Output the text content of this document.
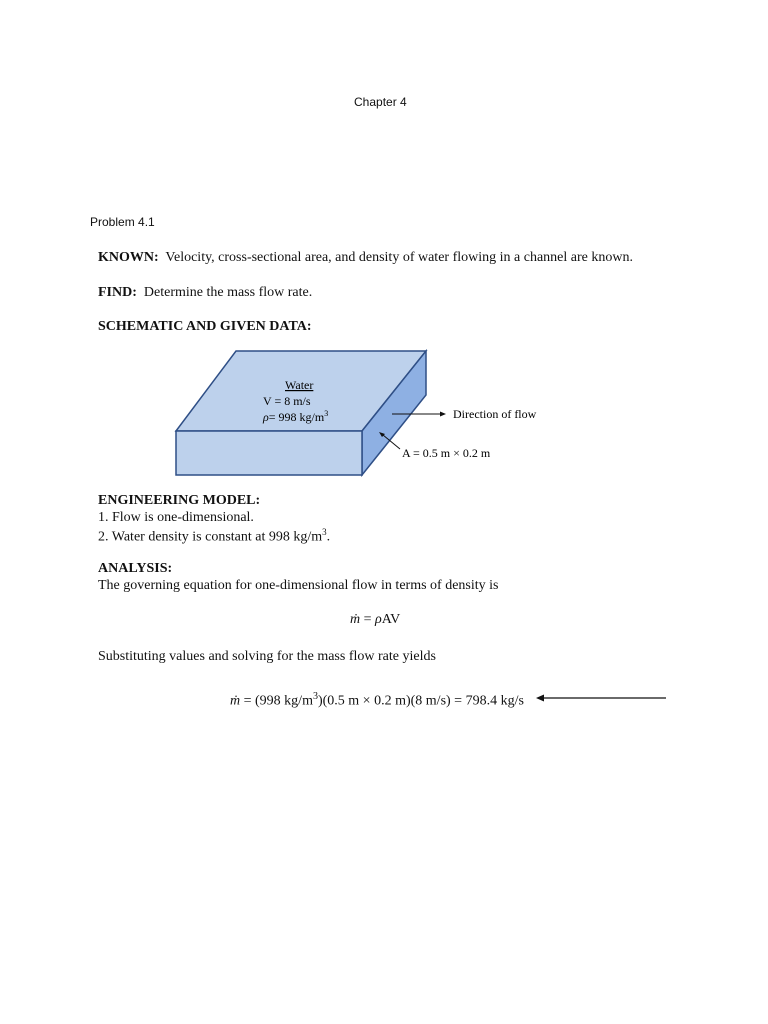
Chapter 4
Problem 4.1
KNOWN: Velocity, cross-sectional area, and density of water flowing in a channel are known.
FIND: Determine the mass flow rate.
SCHEMATIC AND GIVEN DATA:
Water
V = 8 m/s
ρ= 998 $kg/m^3$	Direction of flow
A = 0.5 m × 0.2 m
ENGINEERING MODEL:
1. Flow is one-dimensional.
2. Water density is constant at 998 $kg/m^3$.
ANALYSIS:
The governing equation for one-dimensional flow in terms of density is
ṁ = ρAV
Substituting values and solving for the mass flow rate yields
ṁ = (998 $kg/m^3)(0.5$ m × 0.2 m)(8 m/s) = 798.4 kg/s
